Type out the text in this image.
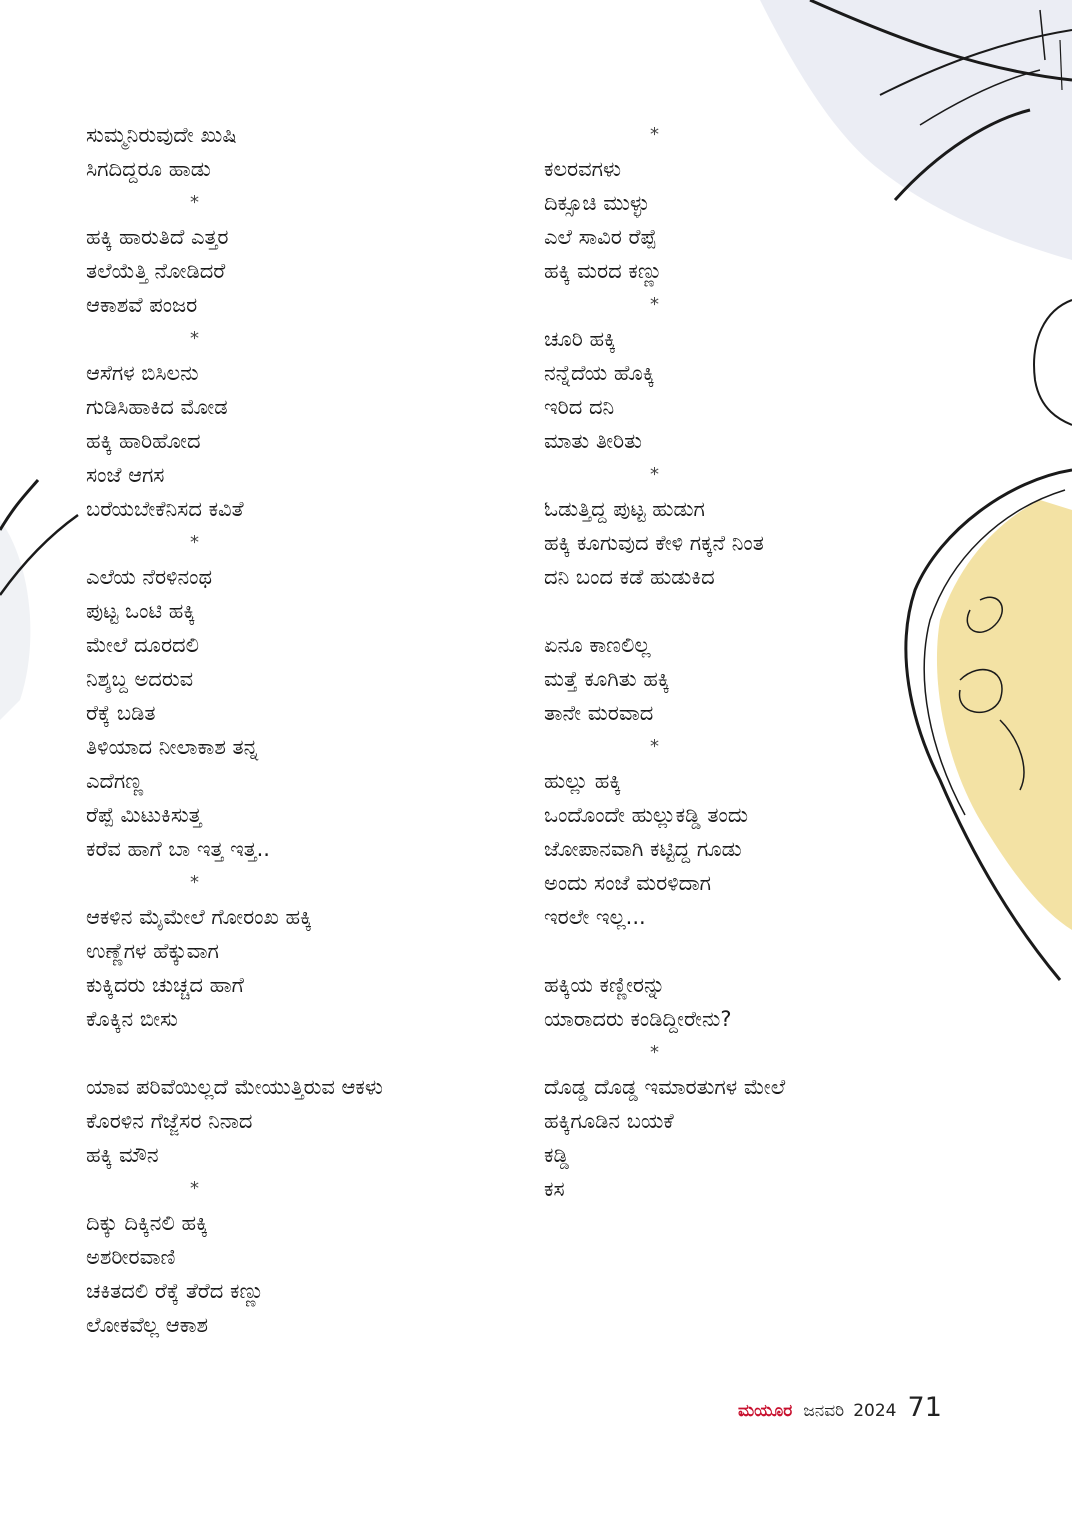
ಸುಮ್ಮನಿರುವುದೇ ಖುಷಿ
ಸಿಗದಿದ್ದರೂ ಹಾಡು
*
ಹಕ್ಕಿ ಹಾರುತಿದೆ ಎತ್ತರ
ತಲೆಯೆತ್ತಿ ನೋಡಿದರೆ
ಆಕಾಶವೆ ಪಂಜರ
*
ಆಸೆಗಳ ಬಿಸಿಲನು
ಗುಡಿಸಿಹಾಕಿದ ಮೋಡ
ಹಕ್ಕಿ ಹಾರಿಹೋದ
ಸಂಜೆ ಆಗಸ
ಬರೆಯಬೇಕೆನಿಸದ ಕವಿತೆ
*
ಎಲೆಯ ನೆರಳಿನಂಥ
ಪುಟ್ಟ ಒಂಟಿ ಹಕ್ಕಿ
ಮೇಲೆ ದೂರದಲಿ
ನಿಶ್ಶಬ್ದ ಅದರುವ
ರೆಕ್ಕೆ ಬಡಿತ
ತಿಳಿಯಾದ ನೀಲಾಕಾಶ ತನ್ನ
ಎದೆಗಣ್ಣ
ರೆಪ್ಪೆ ಮಿಟುಕಿಸುತ್ತ
ಕರೆವ ಹಾಗೆ ಬಾ ಇತ್ತ ಇತ್ತ..
*
ಆಕಳಿನ ಮೈಮೇಲೆ ಗೋರಂಖ ಹಕ್ಕಿ
ಉಣ್ಣೆಗಳ ಹೆಕ್ಕುವಾಗ
ಕುಕ್ಕಿದರು ಚುಚ್ಚದ ಹಾಗೆ
ಕೊಕ್ಕಿನ ಬೀಸು
ಯಾವ ಪರಿವೆಯಿಲ್ಲದೆ ಮೇಯುತ್ತಿರುವ ಆಕಳು
ಕೊರಳಿನ ಗೆಜ್ಜೆಸರ ನಿನಾದ
ಹಕ್ಕಿ ಮೌನ
*
ದಿಕ್ಕು ದಿಕ್ಕಿನಲಿ ಹಕ್ಕಿ
ಅಶರೀರವಾಣಿ
ಚಕಿತದಲಿ ರೆಕ್ಕೆ ತೆರೆದ ಕಣ್ಣು
ಲೋಕವೆಲ್ಲ ಆಕಾಶ
*
ಕಲರವಗಳು
ದಿಕ್ಸೂಚಿ ಮುಳ್ಳು
ಎಲೆ ಸಾವಿರ ರೆಪ್ಪೆ
ಹಕ್ಕಿ ಮರದ ಕಣ್ಣು
*
ಚೂರಿ ಹಕ್ಕಿ
ನನ್ನೆದೆಯ ಹೊಕ್ಕಿ
ಇರಿದ ದನಿ
ಮಾತು ತೀರಿತು
*
ಓಡುತ್ತಿದ್ದ ಪುಟ್ಟ ಹುಡುಗ
ಹಕ್ಕಿ ಕೂಗುವುದ ಕೇಳಿ ಗಕ್ಕನೆ ನಿಂತ
ದನಿ ಬಂದ ಕಡೆ ಹುಡುಕಿದ
ಏನೂ ಕಾಣಲಿಲ್ಲ
ಮತ್ತೆ ಕೂಗಿತು ಹಕ್ಕಿ
ತಾನೇ ಮರವಾದ
*
ಹುಲ್ಲು ಹಕ್ಕಿ
ಒಂದೊಂದೇ ಹುಲ್ಲುಕಡ್ಡಿ ತಂದು
ಜೋಪಾನವಾಗಿ ಕಟ್ಟಿದ್ದ ಗೂಡು
ಅಂದು ಸಂಜೆ ಮರಳಿದಾಗ
ಇರಲೇ ಇಲ್ಲ...
ಹಕ್ಕಿಯ ಕಣ್ಣೀರನ್ನು
ಯಾರಾದರು ಕಂಡಿದ್ದೀರೇನು?
*
ದೊಡ್ಡ ದೊಡ್ಡ ಇಮಾರತುಗಳ ಮೇಲೆ
ಹಕ್ಕಿಗೂಡಿನ ಬಯಕೆ
ಕಡ್ಡಿ
ಕಸ
ಮಯೂರ ಜನವರಿ 2024 71
